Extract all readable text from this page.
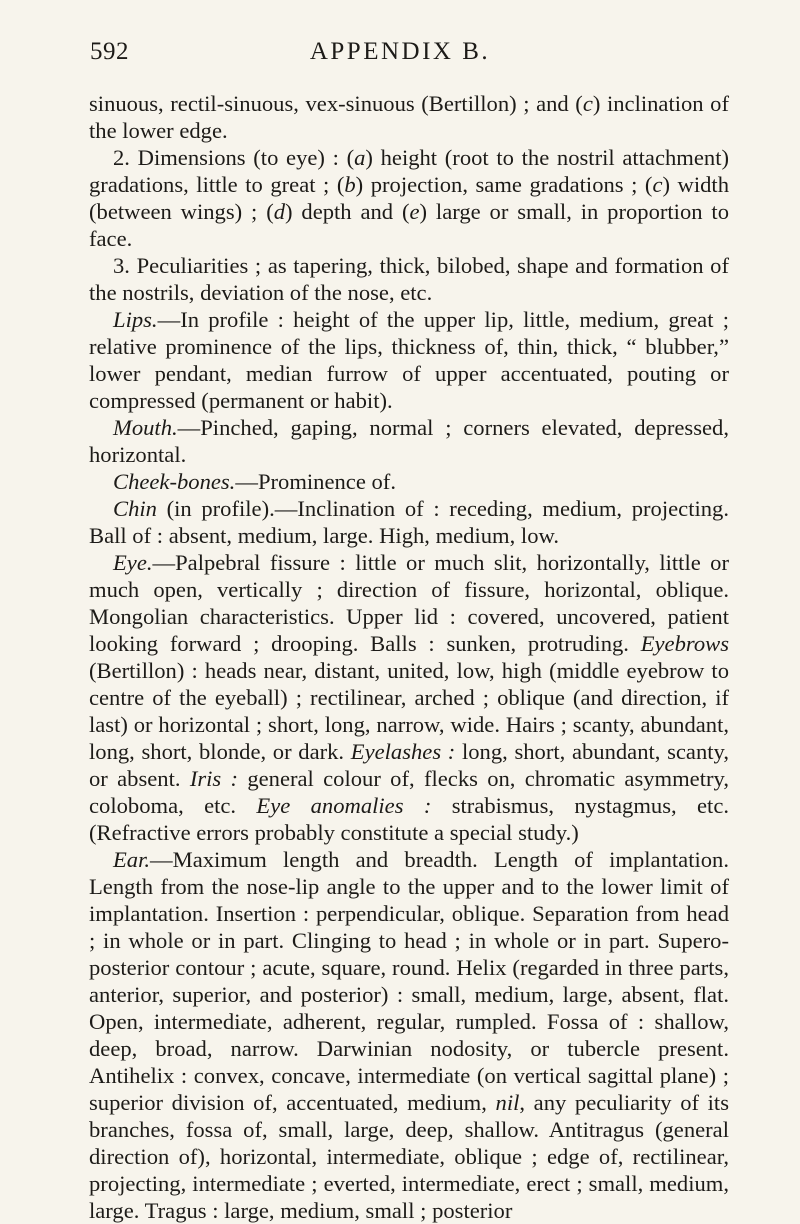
592	APPENDIX B.

sinuous, rectil-sinuous, vex-sinuous (Bertillon) ; and (c) inclination of the lower edge.

2. Dimensions (to eye) : (a) height (root to the nostril attachment) gradations, little to great ; (b) projection, same gradations ; (c) width (between wings) ; (d) depth and (e) large or small, in proportion to face.

3. Peculiarities ; as tapering, thick, bilobed, shape and formation of the nostrils, deviation of the nose, etc.

Lips.—In profile : height of the upper lip, little, medium, great ; relative prominence of the lips, thickness of, thin, thick, “ blubber,” lower pendant, median furrow of upper accentuated, pouting or compressed (permanent or habit).

Mouth.—Pinched, gaping, normal ; corners elevated, depressed, horizontal.

Cheek-bones.—Prominence of.

Chin (in profile).—Inclination of : receding, medium, projecting. Ball of : absent, medium, large. High, medium, low.

Eye.—Palpebral fissure : little or much slit, horizontally, little or much open, vertically ; direction of fissure, horizontal, oblique. Mongolian characteristics. Upper lid : covered, uncovered, patient looking forward ; drooping. Balls : sunken, protruding. Eyebrows (Bertillon) : heads near, distant, united, low, high (middle eyebrow to centre of the eyeball) ; rectilinear, arched ; oblique (and direction, if last) or horizontal ; short, long, narrow, wide. Hairs ; scanty, abundant, long, short, blonde, or dark. Eyelashes : long, short, abundant, scanty, or absent. Iris : general colour of, flecks on, chromatic asymmetry, coloboma, etc. Eye anomalies : strabismus, nystagmus, etc. (Refractive errors probably constitute a special study.)

Ear.—Maximum length and breadth. Length of implantation. Length from the nose-lip angle to the upper and to the lower limit of implantation. Insertion : perpendicular, oblique. Separation from head ; in whole or in part. Clinging to head ; in whole or in part. Supero-posterior contour ; acute, square, round. Helix (regarded in three parts, anterior, superior, and posterior) : small, medium, large, absent, flat. Open, intermediate, adherent, regular, rumpled. Fossa of : shallow, deep, broad, narrow. Darwinian nodosity, or tubercle present. Antihelix : convex, concave, intermediate (on vertical sagittal plane) ; superior division of, accentuated, medium, nil, any peculiarity of its branches, fossa of, small, large, deep, shallow. Antitragus (general direction of), horizontal, intermediate, oblique ; edge of, rectilinear, projecting, intermediate ; everted, intermediate, erect ; small, medium, large. Tragus : large, medium, small ; posterior
